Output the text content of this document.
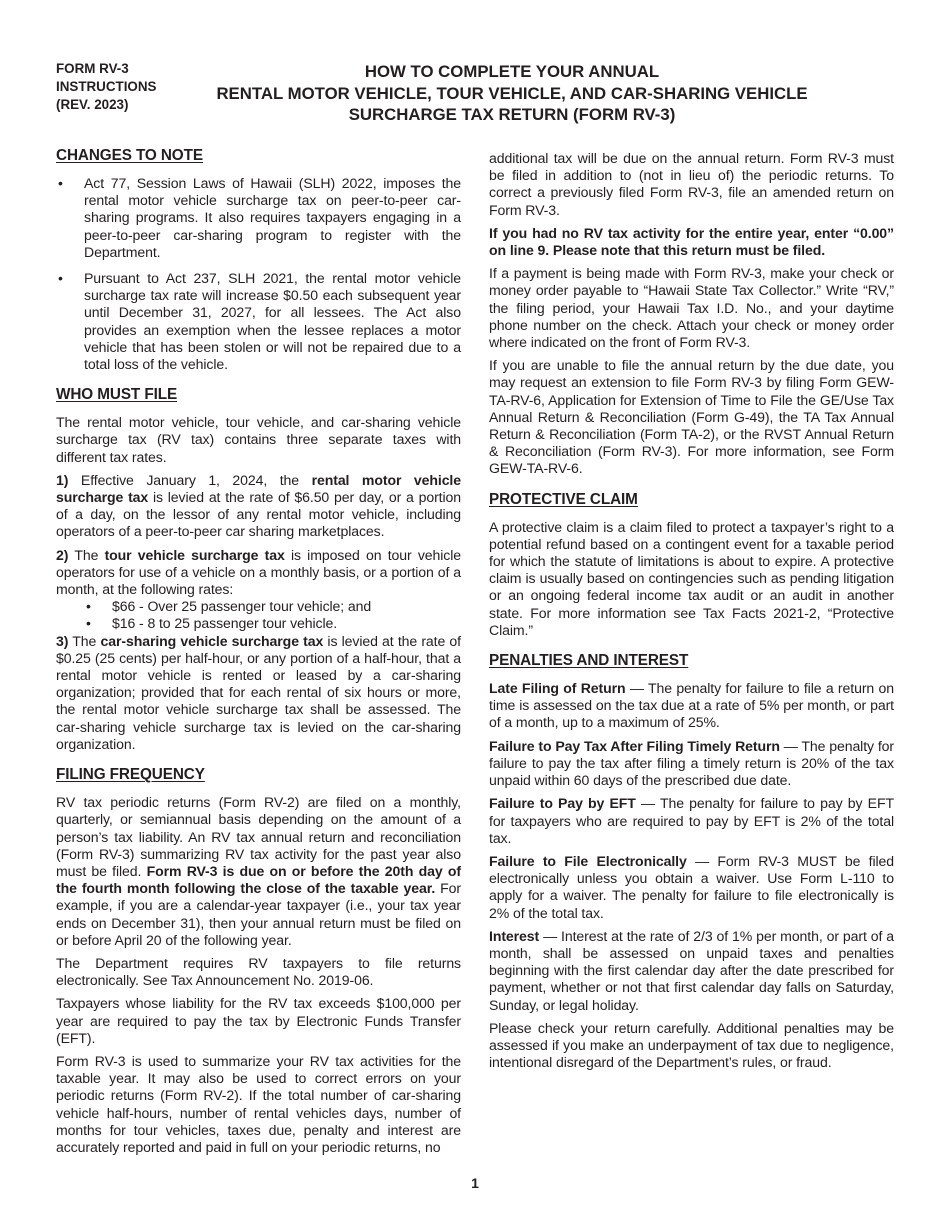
FORM RV-3
INSTRUCTIONS
(REV. 2023)
HOW TO COMPLETE YOUR ANNUAL
RENTAL MOTOR VEHICLE, TOUR VEHICLE, AND CAR-SHARING VEHICLE
SURCHARGE TAX RETURN (FORM RV-3)
CHANGES TO NOTE
• Act 77, Session Laws of Hawaii (SLH) 2022, imposes the rental motor vehicle surcharge tax on peer-to-peer car-sharing programs. It also requires taxpayers engaging in a peer-to-peer car-sharing program to register with the Department.
• Pursuant to Act 237, SLH 2021, the rental motor vehicle surcharge tax rate will increase $0.50 each subsequent year until December 31, 2027, for all lessees. The Act also provides an exemption when the lessee replaces a motor vehicle that has been stolen or will not be repaired due to a total loss of the vehicle.
WHO MUST FILE

The rental motor vehicle, tour vehicle, and car-sharing vehicle surcharge tax (RV tax) contains three separate taxes with different tax rates.

1) Effective January 1, 2024, the rental motor vehicle surcharge tax is levied at the rate of $6.50 per day, or a portion of a day, on the lessor of any rental motor vehicle, including operators of a peer-to-peer car sharing marketplaces.

2) The tour vehicle surcharge tax is imposed on tour vehicle operators for use of a vehicle on a monthly basis, or a portion of a month, at the following rates:

• $66 - Over 25 passenger tour vehicle; and
• $16 - 8 to 25 passenger tour vehicle.

3) The car-sharing vehicle surcharge tax is levied at the rate of $0.25 (25 cents) per half-hour, or any portion of a half-hour, that a rental motor vehicle is rented or leased by a car-sharing organization; provided that for each rental of six hours or more, the rental motor vehicle surcharge tax shall be assessed. The car-sharing vehicle surcharge tax is levied on the car-sharing organization.

FILING FREQUENCY

RV tax periodic returns (Form RV-2) are filed on a monthly, quarterly, or semiannual basis depending on the amount of a person’s tax liability. An RV tax annual return and reconciliation (Form RV-3) summarizing RV tax activity for the past year also must be filed. Form RV-3 is due on or before the 20th day of the fourth month following the close of the taxable year. For example, if you are a calendar-year taxpayer (i.e., your tax year ends on December 31), then your annual return must be filed on or before April 20 of the following year.

The Department requires RV taxpayers to file returns electronically. See Tax Announcement No. 2019-06.

Taxpayers whose liability for the RV tax exceeds $100,000 per year are required to pay the tax by Electronic Funds Transfer (EFT).

Form RV-3 is used to summarize your RV tax activities for the taxable year. It may also be used to correct errors on your periodic returns (Form RV-2). If the total number of car-sharing vehicle half-hours, number of rental vehicles days, number of months for tour vehicles, taxes due, penalty and interest are accurately reported and paid in full on your periodic returns, no

additional tax will be due on the annual return. Form RV-3 must be filed in addition to (not in lieu of) the periodic returns. To correct a previously filed Form RV-3, file an amended return on Form RV-3.

If you had no RV tax activity for the entire year, enter “0.00” on line 9. Please note that this return must be filed.

If a payment is being made with Form RV-3, make your check or money order payable to “Hawaii State Tax Collector.” Write “RV,” the filing period, your Hawaii Tax I.D. No., and your daytime phone number on the check. Attach your check or money order where indicated on the front of Form RV-3.

If you are unable to file the annual return by the due date, you may request an extension to file Form RV-3 by filing Form GEW-TA-RV-6, Application for Extension of Time to File the GE/Use Tax Annual Return & Reconciliation (Form G-49), the TA Tax Annual Return & Reconciliation (Form TA-2), or the RVST Annual Return & Reconciliation (Form RV-3). For more information, see Form GEW-TA-RV-6.

PROTECTIVE CLAIM

A protective claim is a claim filed to protect a taxpayer’s right to a potential refund based on a contingent event for a taxable period for which the statute of limitations is about to expire. A protective claim is usually based on contingencies such as pending litigation or an ongoing federal income tax audit or an audit in another state. For more information see Tax Facts 2021-2, “Protective Claim.”

PENALTIES AND INTEREST

Late Filing of Return — The penalty for failure to file a return on time is assessed on the tax due at a rate of 5% per month, or part of a month, up to a maximum of 25%.

Failure to Pay Tax After Filing Timely Return — The penalty for failure to pay the tax after filing a timely return is 20% of the tax unpaid within 60 days of the prescribed due date.

Failure to Pay by EFT — The penalty for failure to pay by EFT for taxpayers who are required to pay by EFT is 2% of the total tax.

Failure to File Electronically — Form RV-3 MUST be filed electronically unless you obtain a waiver. Use Form L-110 to apply for a waiver. The penalty for failure to file electronically is 2% of the total tax.

Interest — Interest at the rate of 2/3 of 1% per month, or part of a month, shall be assessed on unpaid taxes and penalties beginning with the first calendar day after the date prescribed for payment, whether or not that first calendar day falls on Saturday, Sunday, or legal holiday.

Please check your return carefully. Additional penalties may be assessed if you make an underpayment of tax due to negligence, intentional disregard of the Department’s rules, or fraud.

1
